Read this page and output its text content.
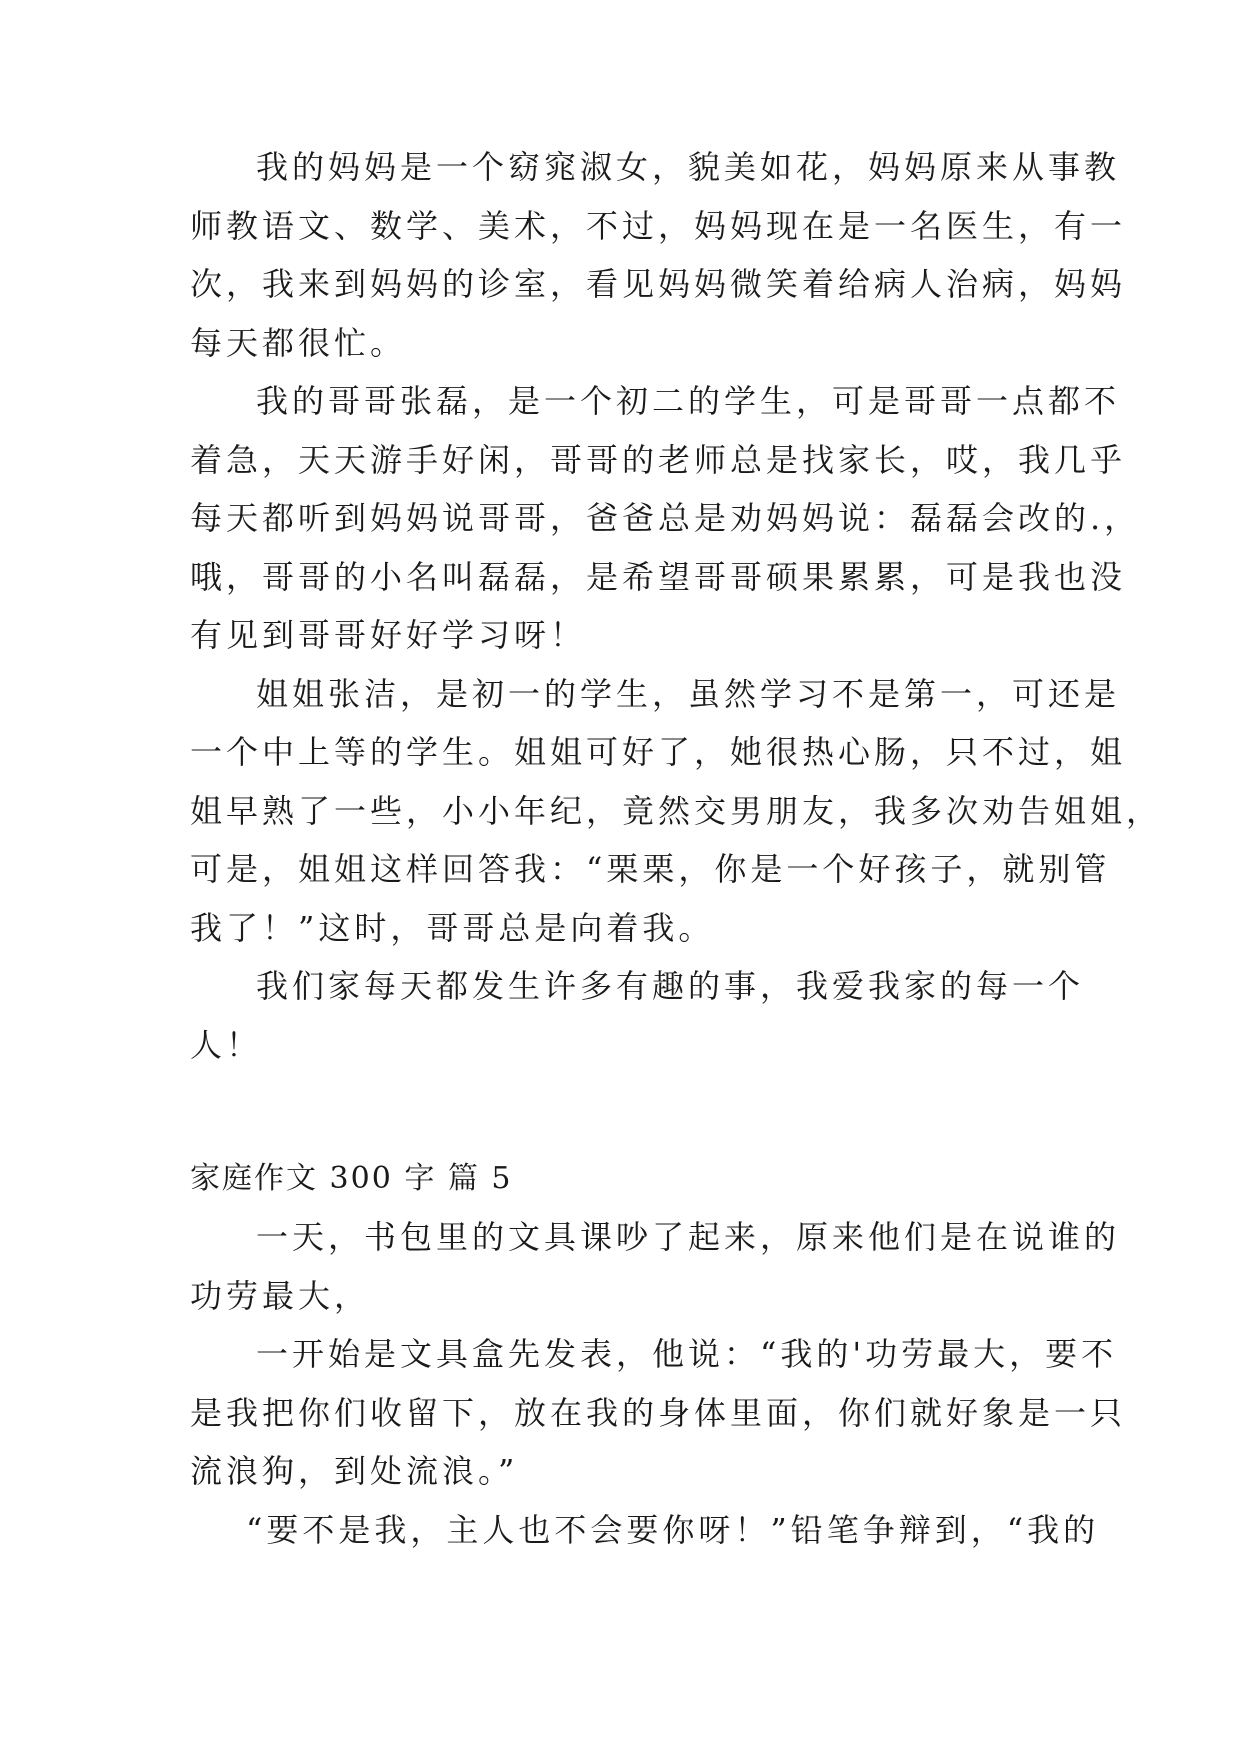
我的妈妈是一个窈窕淑女，貌美如花，妈妈原来从事教
师教语文、数学、美术，不过，妈妈现在是一名医生，有一
次，我来到妈妈的诊室，看见妈妈微笑着给病人治病，妈妈
每天都很忙。
我的哥哥张磊，是一个初二的学生，可是哥哥一点都不
着急，天天游手好闲，哥哥的老师总是找家长，哎，我几乎
每天都听到妈妈说哥哥，爸爸总是劝妈妈说：磊磊会改的.，
哦，哥哥的小名叫磊磊，是希望哥哥硕果累累，可是我也没
有见到哥哥好好学习呀！
姐姐张洁，是初一的学生，虽然学习不是第一，可还是
一个中上等的学生。姐姐可好了，她很热心肠，只不过，姐
姐早熟了一些，小小年纪，竟然交男朋友，我多次劝告姐姐，
可是，姐姐这样回答我：“栗栗，你是一个好孩子，就别管
我了！”这时，哥哥总是向着我。
我们家每天都发生许多有趣的事，我爱我家的每一个
人！
家庭作文 300 字 篇 5
一天，书包里的文具课吵了起来，原来他们是在说谁的
功劳最大，
一开始是文具盒先发表，他说：“我的'功劳最大，要不
是我把你们收留下，放在我的身体里面，你们就好象是一只
流浪狗，到处流浪。”
“要不是我，主人也不会要你呀！”铅笔争辩到，“我的
